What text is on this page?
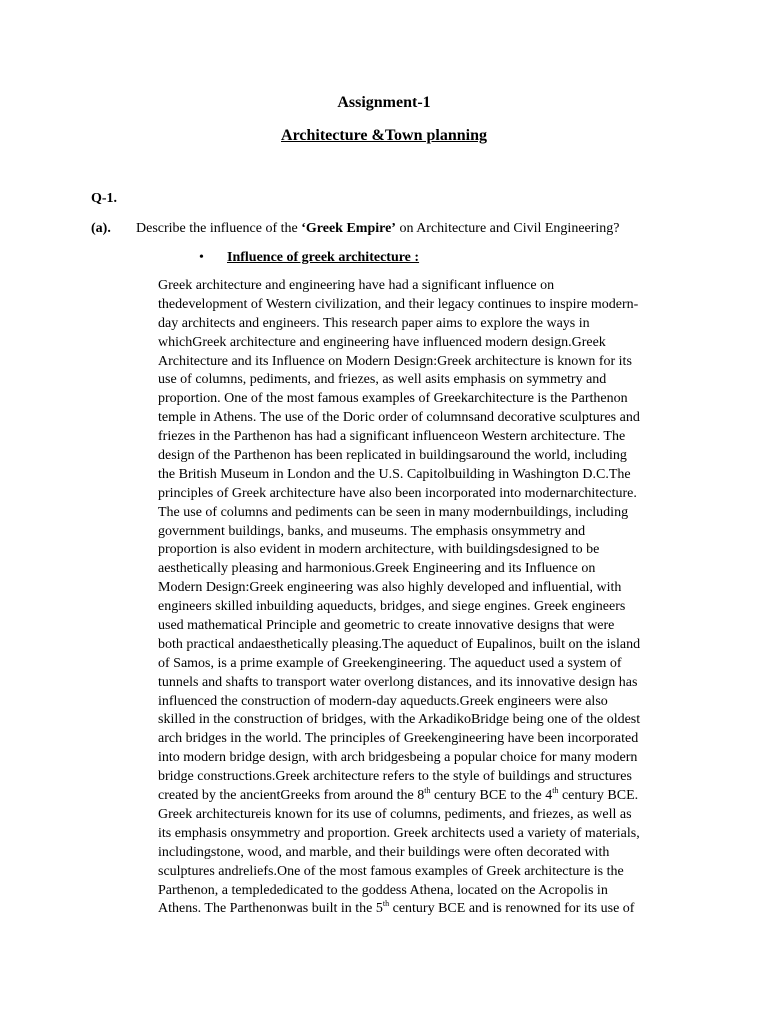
Assignment-1
Architecture &Town planning
Q-1.
(a). Describe the influence of the ‘Greek Empire’ on Architecture and Civil Engineering?
• Influence of greek architecture :
Greek architecture and engineering have had a significant influence on
thedevelopment of Western civilization, and their legacy continues to inspire modern-
day architects and engineers. This research paper aims to explore the ways in
whichGreek architecture and engineering have influenced modern design.Greek
Architecture and its Influence on Modern Design:Greek architecture is known for its
use of columns, pediments, and friezes, as well asits emphasis on symmetry and
proportion. One of the most famous examples of Greekarchitecture is the Parthenon
temple in Athens. The use of the Doric order of columnsand decorative sculptures and
friezes in the Parthenon has had a significant influenceon Western architecture. The
design of the Parthenon has been replicated in buildingsaround the world, including
the British Museum in London and the U.S. Capitolbuilding in Washington D.C.The
principles of Greek architecture have also been incorporated into modernarchitecture.
The use of columns and pediments can be seen in many modernbuildings, including
government buildings, banks, and museums. The emphasis onsymmetry and
proportion is also evident in modern architecture, with buildingsdesigned to be
aesthetically pleasing and harmonious.Greek Engineering and its Influence on
Modern Design:Greek engineering was also highly developed and influential, with
engineers skilled inbuilding aqueducts, bridges, and siege engines. Greek engineers
used mathematical Principle and geometric to create innovative designs that were
both practical andaesthetically pleasing.The aqueduct of Eupalinos, built on the island
of Samos, is a prime example of Greekengineering. The aqueduct used a system of
tunnels and shafts to transport water overlong distances, and its innovative design has
influenced the construction of modern-day aqueducts.Greek engineers were also
skilled in the construction of bridges, with the ArkadikoBridge being one of the oldest
arch bridges in the world. The principles of Greekengineering have been incorporated
into modern bridge design, with arch bridgesbeing a popular choice for many modern
bridge constructions.Greek architecture refers to the style of buildings and structures
created by the ancientGreeks from around the 8th century BCE to the 4th century BCE.
Greek architectureis known for its use of columns, pediments, and friezes, as well as
its emphasis onsymmetry and proportion. Greek architects used a variety of materials,
includingstone, wood, and marble, and their buildings were often decorated with
sculptures andreliefs.One of the most famous examples of Greek architecture is the
Parthenon, a templededicated to the goddess Athena, located on the Acropolis in
Athens. The Parthenonwas built in the 5th century BCE and is renowned for its use of
